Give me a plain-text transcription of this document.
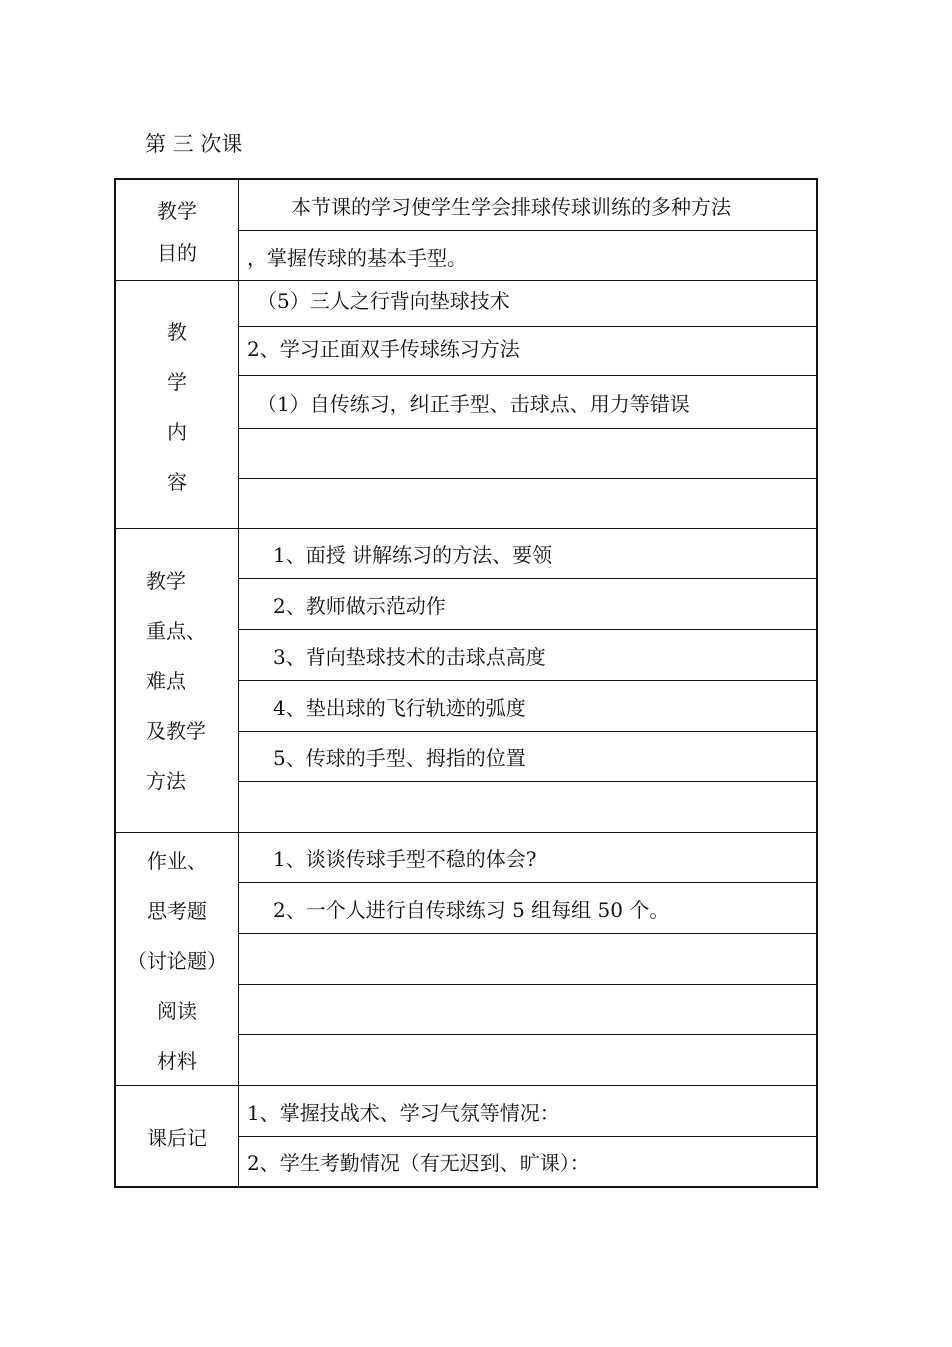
第 三 次课
教学
目的
本节课的学习使学生学会排球传球训练的多种方法
，掌握传球的基本手型。
教
学
内
容
（5）三人之行背向垫球技术
2、学习正面双手传球练习方法
（1）自传练习，纠正手型、击球点、用力等错误
教学
重点、
难点
及教学
方法
1、面授 讲解练习的方法、要领
2、教师做示范动作
3、背向垫球技术的击球点高度
4、垫出球的飞行轨迹的弧度
5、传球的手型、拇指的位置
作业、
思考题
（讨论题）
阅读
材料
1、谈谈传球手型不稳的体会?
2、一个人进行自传球练习 5 组每组 50 个。
课后记
1、掌握技战术、学习气氛等情况：
2、学生考勤情况（有无迟到、旷课）：
